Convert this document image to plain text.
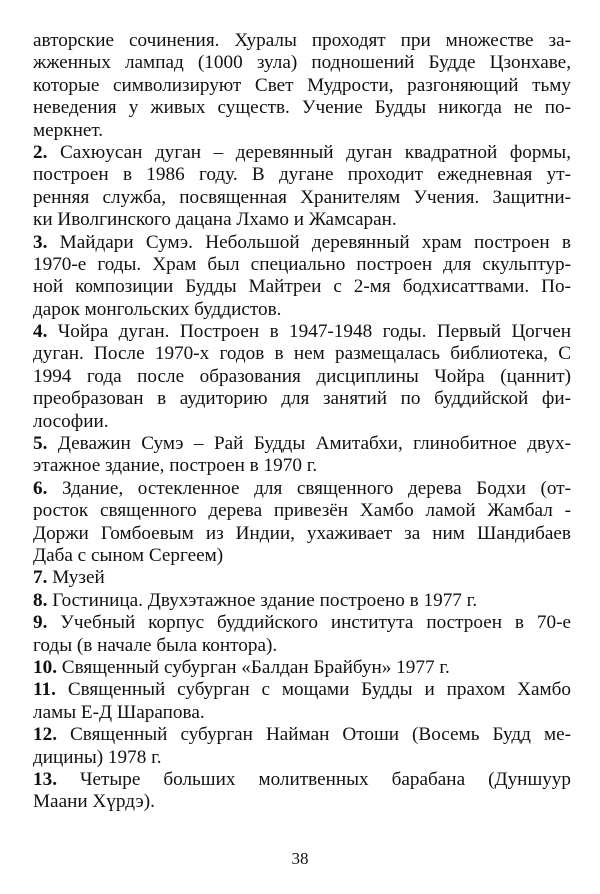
авторские сочинения. Хуралы проходят при множестве за-
жженных лампад (1000 зула) подношений Будде Цзонхаве,
которые символизируют Свет Мудрости, разгоняющий тьму
неведения у живых существ. Учение Будды никогда не по-
меркнет.
2. Сахюусан дуган – деревянный дуган квадратной формы,
построен в 1986 году. В дугане проходит ежедневная ут-
ренняя служба, посвященная Хранителям Учения. Защитни-
ки Иволгинского дацана Лхамо и Жамсаран.
3. Майдари Сумэ. Небольшой деревянный храм построен в
1970-е годы. Храм был специально построен для скульптур-
ной композиции Будды Майтреи с 2-мя бодхисаттвами. По-
дарок монгольских буддистов.
4. Чойра дуган. Построен в 1947-1948 годы. Первый Цогчен
дуган. После 1970-х годов в нем размещалась библиотека, С
1994 года после образования дисциплины Чойра (цаннит)
преобразован в аудиторию для занятий по буддийской фи-
лософии.
5. Деважин Сумэ – Рай Будды Амитабхи, глинобитное двух-
этажное здание, построен в 1970 г.
6. Здание, остекленное для священного дерева Бодхи (от-
росток священного дерева привезён Хамбо ламой Жамбал -
Доржи Гомбоевым из Индии, ухаживает за ним Шандибаев
Даба с сыном Сергеем)
7. Музей
8. Гостиница. Двухэтажное здание построено в 1977 г.
9. Учебный корпус буддийского института построен в 70-е
годы (в начале была контора).
10. Священный субурган «Балдан Брайбун» 1977 г.
11. Священный субурган с мощами Будды и прахом Хамбо
ламы Е-Д Шарапова.
12. Священный субурган Найман Отоши (Восемь Будд ме-
дицины) 1978 г.
13. Четыре больших молитвенных барабана (Дуншуур
Маани Хүрдэ).
38
